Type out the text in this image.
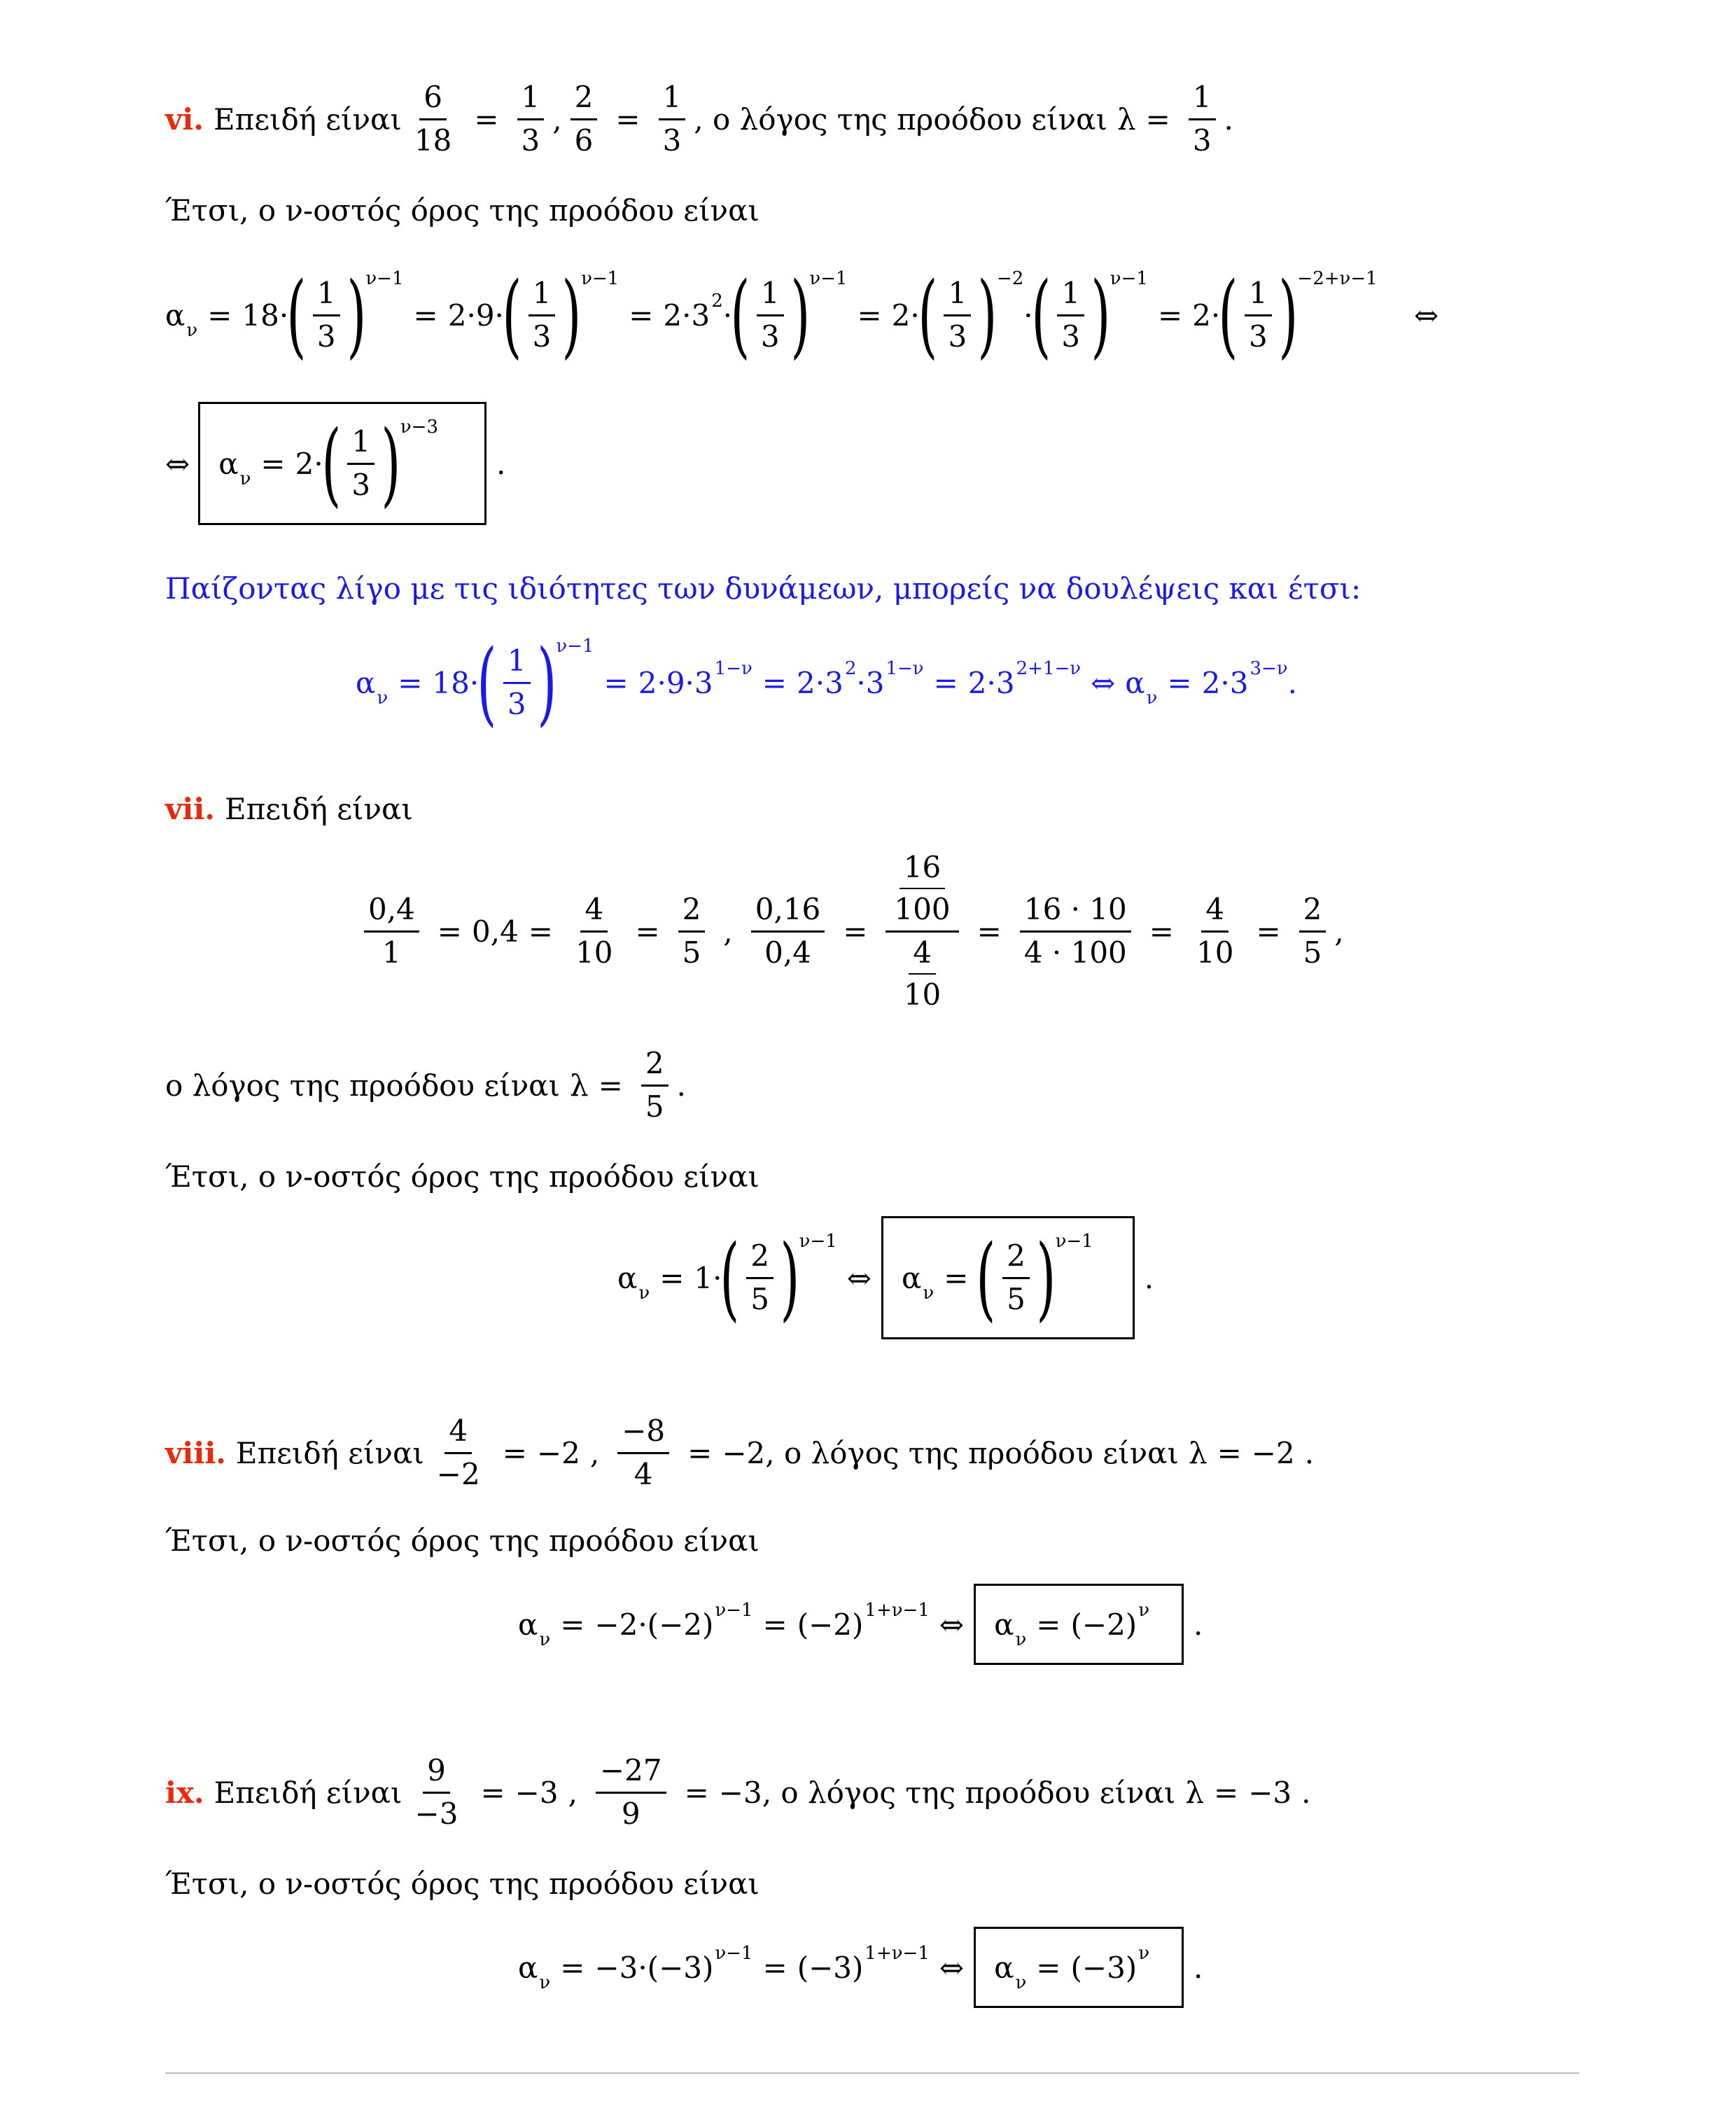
vi. Επειδή είναι $\frac{6}{18} = \frac{1}{3}$ , $\frac{2}{6} = \frac{1}{3}$ , ο λόγος της προόδου είναι $\lambda = \frac{1}{3}$ .
Έτσι, ο ν-οστός όρος της προόδου είναι
α ν = 18 ·
( $\frac{1}{3}$ ) ν−1
= 2 · 9 ·
( $\frac{1}{3}$ ) ν−1
= 2 · 3 2 ·
( $\frac{1}{3}$ ) ν−1
= 2 ·
( $\frac{1}{3}$ ) −2
·
( $\frac{1}{3}$ ) ν−1
= 2 ·
( $\frac{1}{3}$ ) −2+ν−1
⇔
⇔ α ν = 2 ·
( $\frac{1}{3}$ ) ν−3
.
Παίζοντας λίγο με τις ιδιότητες των δυνάμεων, μπορείς να δουλέψεις και έτσι:
α ν = 18 ·
( $\frac{1}{3}$ ) ν−1
= 2 · 9 · 3 1−ν = 2 · 3 2 · 3 1−ν = 2 · 3 2+1−ν ⇔ α ν = 2 · 3 3−ν .
vii. Επειδή είναι
$\frac{0,4}{1} = 0,4 = \frac{4}{10} = \frac{2}{5}$ , $\frac{0,16}{0,4} = \frac{\frac{16}{100}}{\frac{4}{10}} = \frac{16 \cdot 10}{4 \cdot 100} = \frac{4}{10} = \frac{2}{5}$ ,
ο λόγος της προόδου είναι $\lambda = \frac{2}{5}$ .
Έτσι, ο ν-οστός όρος της προόδου είναι
α ν = 1 ·
( $\frac{2}{5}$ ) ν−1
⇔ α ν = ( $\frac{2}{5}$ ) ν−1
.
viii. Επειδή είναι $\frac{4}{-2} = -2$ , $\frac{-8}{4} = -2$ , ο λόγος της προόδου είναι λ = −2 .
Έτσι, ο ν-οστός όρος της προόδου είναι
α ν = −2 · ( −2 ) ν−1 = ( −2 ) 1+ν−1 ⇔ α ν = ( −2 ) ν .
ix. Επειδή είναι $\frac{9}{-3} = -3$ , $\frac{-27}{9} = -3$ , ο λόγος της προόδου είναι λ = −3 .
Έτσι, ο ν-οστός όρος της προόδου είναι
α ν = −3 · ( −3 ) ν−1 = ( −3 ) 1+ν−1 ⇔ α ν = ( −3 ) ν .
